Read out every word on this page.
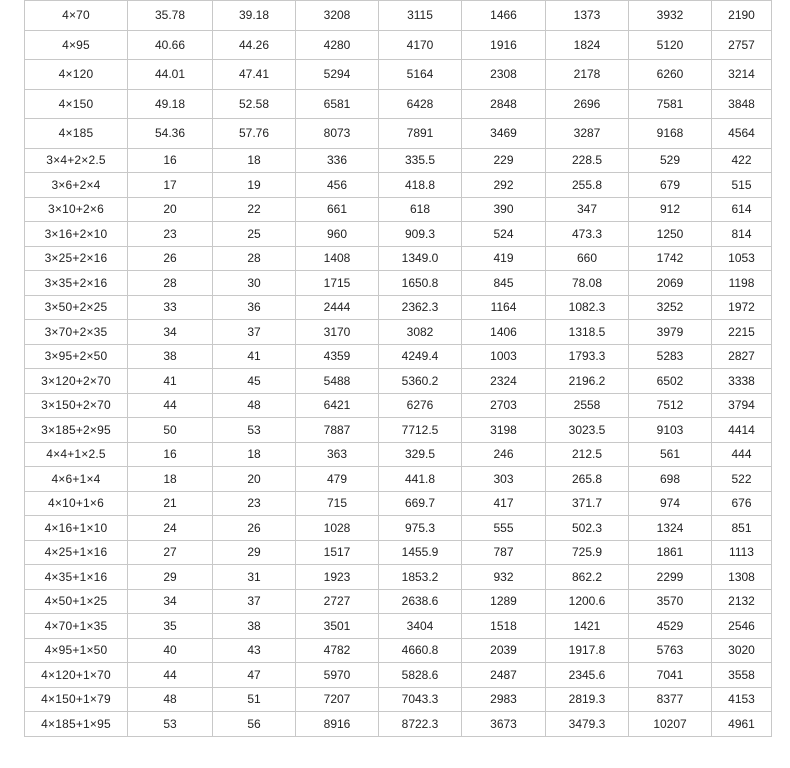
4×70	35.78	39.18	3208	3115	1466	1373	3932	2190
4×95	40.66	44.26	4280	4170	1916	1824	5120	2757
4×120	44.01	47.41	5294	5164	2308	2178	6260	3214
4×150	49.18	52.58	6581	6428	2848	2696	7581	3848
4×185	54.36	57.76	8073	7891	3469	3287	9168	4564
3×4+2×2.5	16	18	336	335.5	229	228.5	529	422
3×6+2×4	17	19	456	418.8	292	255.8	679	515
3×10+2×6	20	22	661	618	390	347	912	614
3×16+2×10	23	25	960	909.3	524	473.3	1250	814
3×25+2×16	26	28	1408	1349.0	419	660	1742	1053
3×35+2×16	28	30	1715	1650.8	845	78.08	2069	1198
3×50+2×25	33	36	2444	2362.3	1164	1082.3	3252	1972
3×70+2×35	34	37	3170	3082	1406	1318.5	3979	2215
3×95+2×50	38	41	4359	4249.4	1003	1793.3	5283	2827
3×120+2×70	41	45	5488	5360.2	2324	2196.2	6502	3338
3×150+2×70	44	48	6421	6276	2703	2558	7512	3794
3×185+2×95	50	53	7887	7712.5	3198	3023.5	9103	4414
4×4+1×2.5	16	18	363	329.5	246	212.5	561	444
4×6+1×4	18	20	479	441.8	303	265.8	698	522
4×10+1×6	21	23	715	669.7	417	371.7	974	676
4×16+1×10	24	26	1028	975.3	555	502.3	1324	851
4×25+1×16	27	29	1517	1455.9	787	725.9	1861	1113
4×35+1×16	29	31	1923	1853.2	932	862.2	2299	1308
4×50+1×25	34	37	2727	2638.6	1289	1200.6	3570	2132
4×70+1×35	35	38	3501	3404	1518	1421	4529	2546
4×95+1×50	40	43	4782	4660.8	2039	1917.8	5763	3020
4×120+1×70	44	47	5970	5828.6	2487	2345.6	7041	3558
4×150+1×79	48	51	7207	7043.3	2983	2819.3	8377	4153
4×185+1×95	53	56	8916	8722.3	3673	3479.3	10207	4961
